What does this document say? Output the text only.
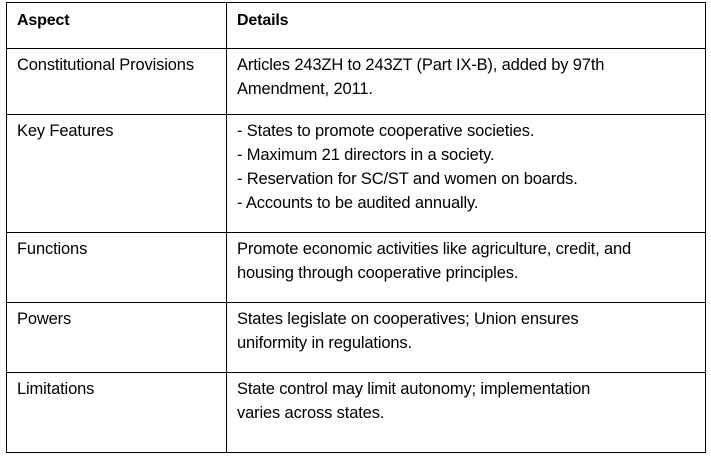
Aspect	Details
Constitutional Provisions	Articles 243ZH to 243ZT (Part IX-B), added by 97th
Amendment, 2011.

Key Features	- States to promote cooperative societies.
- Maximum 21 directors in a society.
- Reservation for SC/ST and women on boards.
- Accounts to be audited annually.

Functions	Promote economic activities like agriculture, credit, and
housing through cooperative principles.

Powers	States legislate on cooperatives; Union ensures
uniformity in regulations.

Limitations	State control may limit autonomy; implementation
varies across states.
